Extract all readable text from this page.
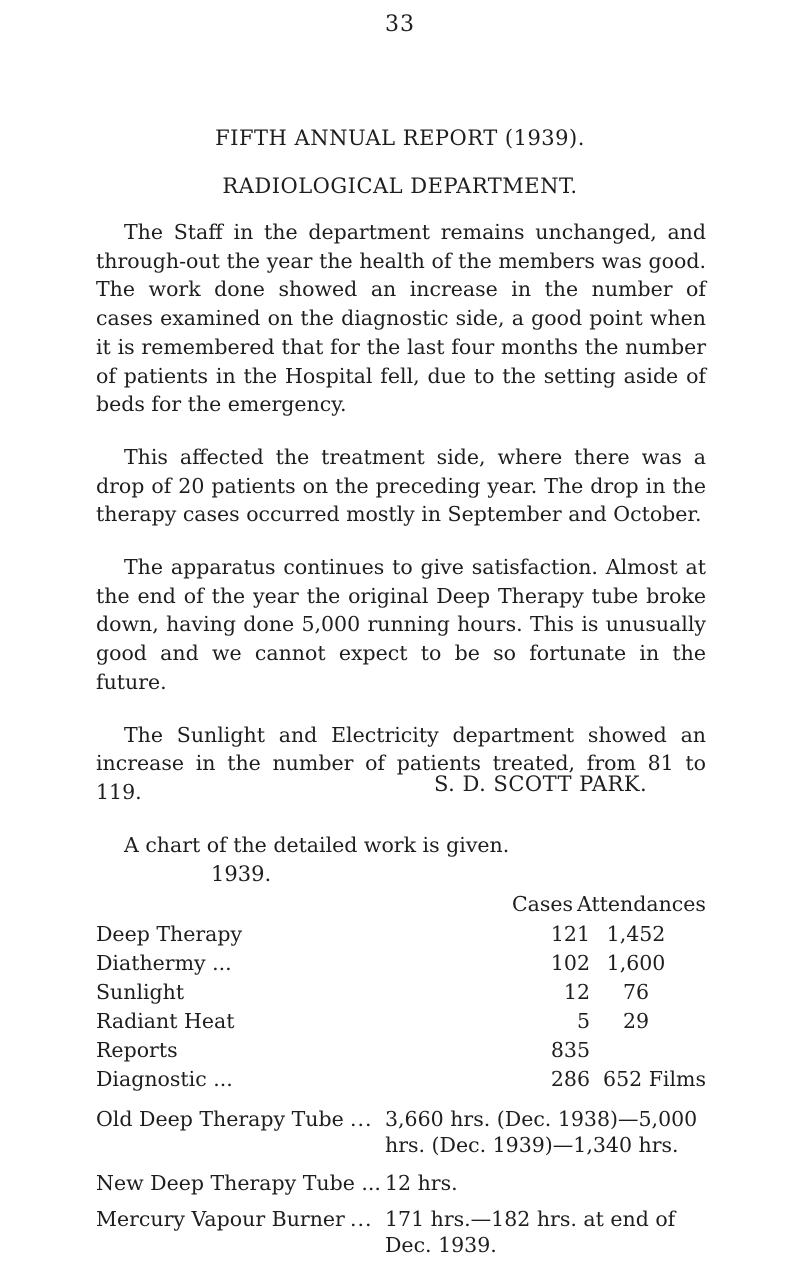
33
FIFTH ANNUAL REPORT (1939).
RADIOLOGICAL DEPARTMENT.

The Staff in the department remains unchanged, and through-out the year the health of the members was good. The work done showed an increase in the number of cases examined on the diagnostic side, a good point when it is remembered that for the last four months the number of patients in the Hospital fell, due to the setting aside of beds for the emergency.

This affected the treatment side, where there was a drop of 20 patients on the preceding year. The drop in the therapy cases occurred mostly in September and October.

The apparatus continues to give satisfaction. Almost at the end of the year the original Deep Therapy tube broke down, having done 5,000 running hours. This is unusually good and we cannot expect to be so fortunate in the future.

The Sunlight and Electricity department showed an increase in the number of patients treated, from 81 to 119.

A chart of the detailed work is given.

S. D. SCOTT PARK.
1939.
Cases Attendances
Deep Therapy	121 1,452
Diathermy ...	102 1,600
Sunlight	12	76
Radiant Heat	5	29
Reports	835
Diagnostic ...	286 652 Films
Old Deep Therapy Tube ... 3,660 hrs. (Dec. 1938)—5,000 hrs. (Dec. 1939)—1,340 hrs.
New Deep Therapy Tube ... 12 hrs.
Mercury Vapour Burner ... 171 hrs.—182 hrs. at end of Dec. 1939.
